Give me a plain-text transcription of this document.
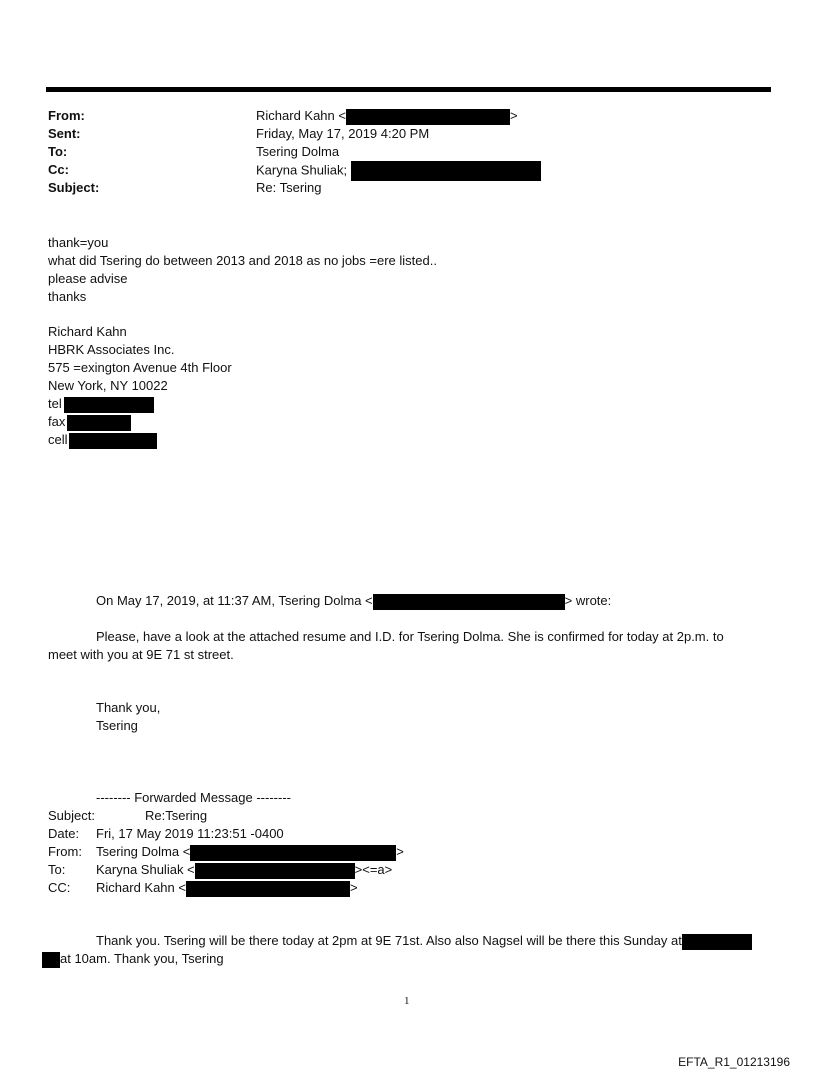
From:	Richard Kahn <	>
Sent:	Friday, May 17, 2019 4:20 PM
To:	Tsering Dolma
Cc:	Karyna Shuliak;
Subject:	Re: Tsering
thank=you
what did Tsering do between 2013 and 2018 as no jobs =ere listed..
please advise
thanks
Richard Kahn
HBRK Associates Inc.
575 =exington Avenue 4th Floor
New York, NY 10022
tel
fax
cell
On May 17, 2019, at 11:37 AM, Tsering Dolma <	> wrote:
Please, have a look at the attached resume and I.D. for Tsering Dolma. She is confirmed for today at 2p.m. to
meet with you at 9E 71 st street.
Thank you,
Tsering
-------- Forwarded Message --------
Subject:	Re:Tsering
Date: Fri, 17 May 2019 11:23:51 -0400
From: Tsering Dolma <	>
To: Karyna Shuliak <	><=a>
CC: Richard Kahn <	>
Thank you. Tsering will be there today at 2pm at 9E 71st. Also also Nagsel will be there this Sunday at
at 10am. Thank you, Tsering
1
EFTA_R1_01213196
